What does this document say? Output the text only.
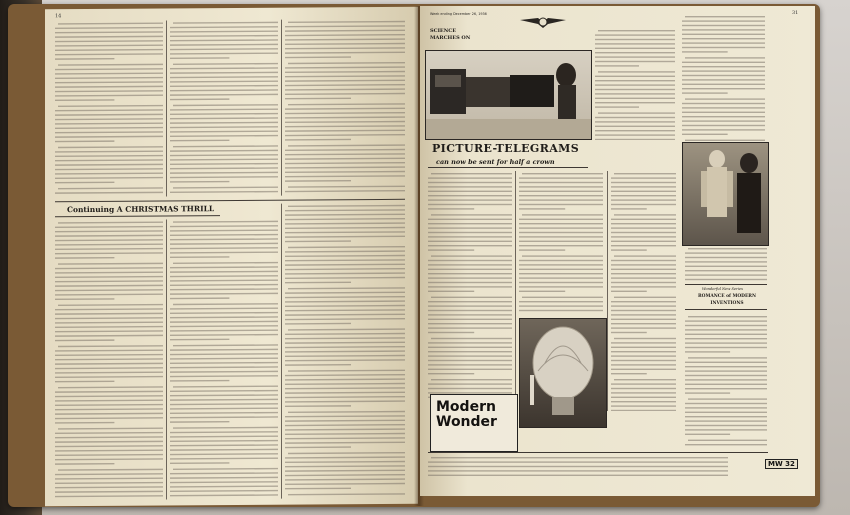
14
Continuing A CHRISTMAS THRILL
Week ending December 26, 1936	31
SCIENCE
MARCHES ON
PICTURE-TELEGRAMS
can now be sent for half a crown
Modern
Wonder
Wonderful New Series
ROMANCE of MODERN INVENTIONS
MW 32
